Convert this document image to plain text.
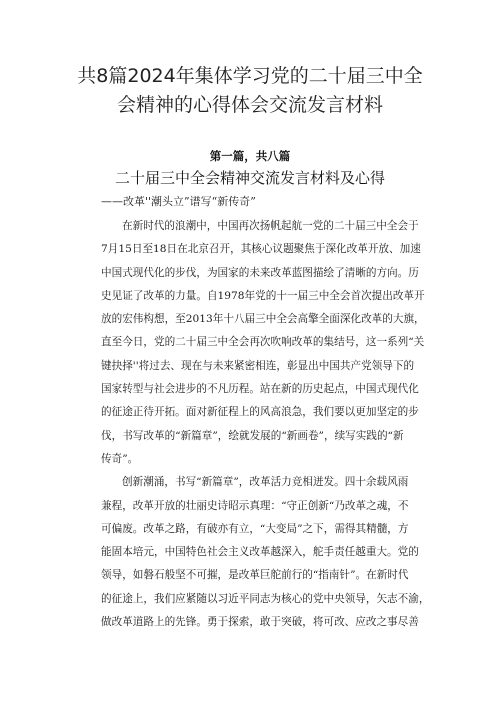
共8篇2024年集体学习党的二十届三中全
会精神的心得体会交流发言材料
第一篇，共八篇
二十届三中全会精神交流发言材料及心得
——改革''潮头立”谱写“新传奇”
在 新 时 代 的 浪 潮 中 ， 中 国 再 次 扬 帆 起 航 一 党 的 二 十 届 三 中 全 会 于
7 月 1 5 日 至 1 8 日 在 北 京 召 开 ， 其 核 心 议 题 聚 焦 于 深 化 改 革 开 放 、 加 速
中 国 式 现 代 化 的 步 伐 ， 为 国 家 的 未 来 改 革 蓝 图 描 绘 了 清 晰 的 方 向 。 历
史 见 证 了 改 革 的 力 量 。 自 1 9 7 8 年 党 的 十 一 届 三 中 全 会 首 次 提 出 改 革 开
放 的 宏 伟 构 想 ， 至 2 0 1 3 年 十 八 届 三 中 全 会 高 擎 全 面 深 化 改 革 的 大 旗 ，
直 至 今 日 ， 党 的 二 十 届 三 中 全 会 再 次 吹 响 改 革 的 集 结 号 ， 这 一 系 列 “ 关
键 抉 择 ' ' 将 过 去 、 现 在 与 未 来 紧 密 相 连 ， 彰 显 出 中 国 共 产 党 领 导 下 的
国 家 转 型 与 社 会 进 步 的 不 凡 历 程 。 站 在 新 的 历 史 起 点 ， 中 国 式 现 代 化
的 征 途 正 待 开 拓 。 面 对 新 征 程 上 的 风 高 浪 急 ， 我 们 要 以 更 加 坚 定 的 步
伐 ， 书 写 改 革 的 “ 新 篇 章 ” ， 绘 就 发 展 的 “ 新 画 卷 ” ， 续 写 实 践 的 “ 新
传 奇 ” 。
创 新 潮 涌 ， 书 写 “ 新 篇 章 ” ， 改 革 活 力 竞 相 迸 发 。 四 十 余 载 风 雨
兼 程 ， 改 革 开 放 的 壮 丽 史 诗 昭 示 真 理 ： “ 守 正 创 新 “ 乃 改 革 之 魂 ， 不
可 偏 废 。 改 革 之 路 ， 有 破 亦 有 立 ， “ 大 变 局 ” 之 下 ， 需 得 其 精 髓 ， 方
能 固 本 培 元 ， 中 国 特 色 社 会 主 义 改 革 越 深 入 ， 舵 手 责 任 越 重 大 。 党 的
领 导 ， 如 磐 石 般 坚 不 可 摧 ， 是 改 革 巨 舵 前 行 的 “ 指 南 针 ” 。 在 新 时 代
的 征 途 上 ， 我 们 应 紧 随 以 习 近 平 同 志 为 核 心 的 党 中 央 领 导 ， 矢 志 不 渝 ，
做 改 革 道 路 上 的 先 锋 。 勇 于 探 索 ， 敢 于 突 破 ， 将 可 改 、 应 改 之 事 尽 善
